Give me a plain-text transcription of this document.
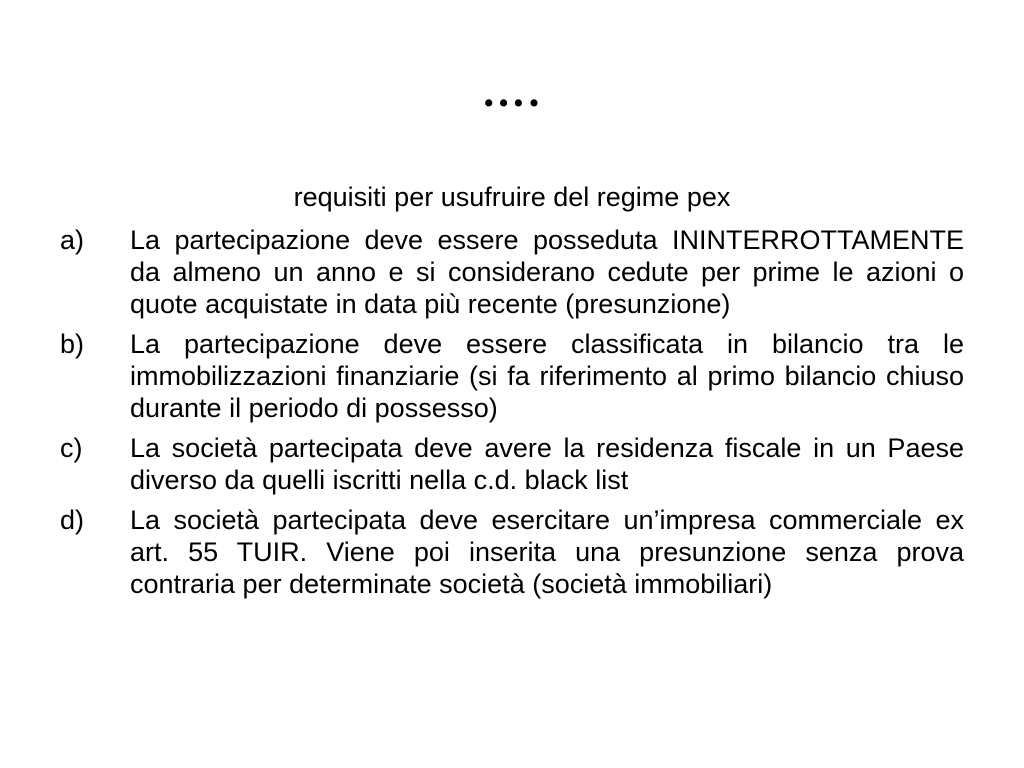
….
requisiti per usufruire del regime pex
a)	La partecipazione deve essere posseduta ININTERROTTAMENTE da almeno un anno e si considerano cedute per prime le azioni o quote acquistate in data più recente (presunzione)
b)	La partecipazione deve essere classificata in bilancio tra le immobilizzazioni finanziarie (si fa riferimento al primo bilancio chiuso durante il periodo di possesso)
c)	La società partecipata deve avere la residenza fiscale in un Paese diverso da quelli iscritti nella c.d. black list
d)	La società partecipata deve esercitare un’impresa commerciale ex art. 55 TUIR. Viene poi inserita una presunzione senza prova contraria per determinate società (società immobiliari)
